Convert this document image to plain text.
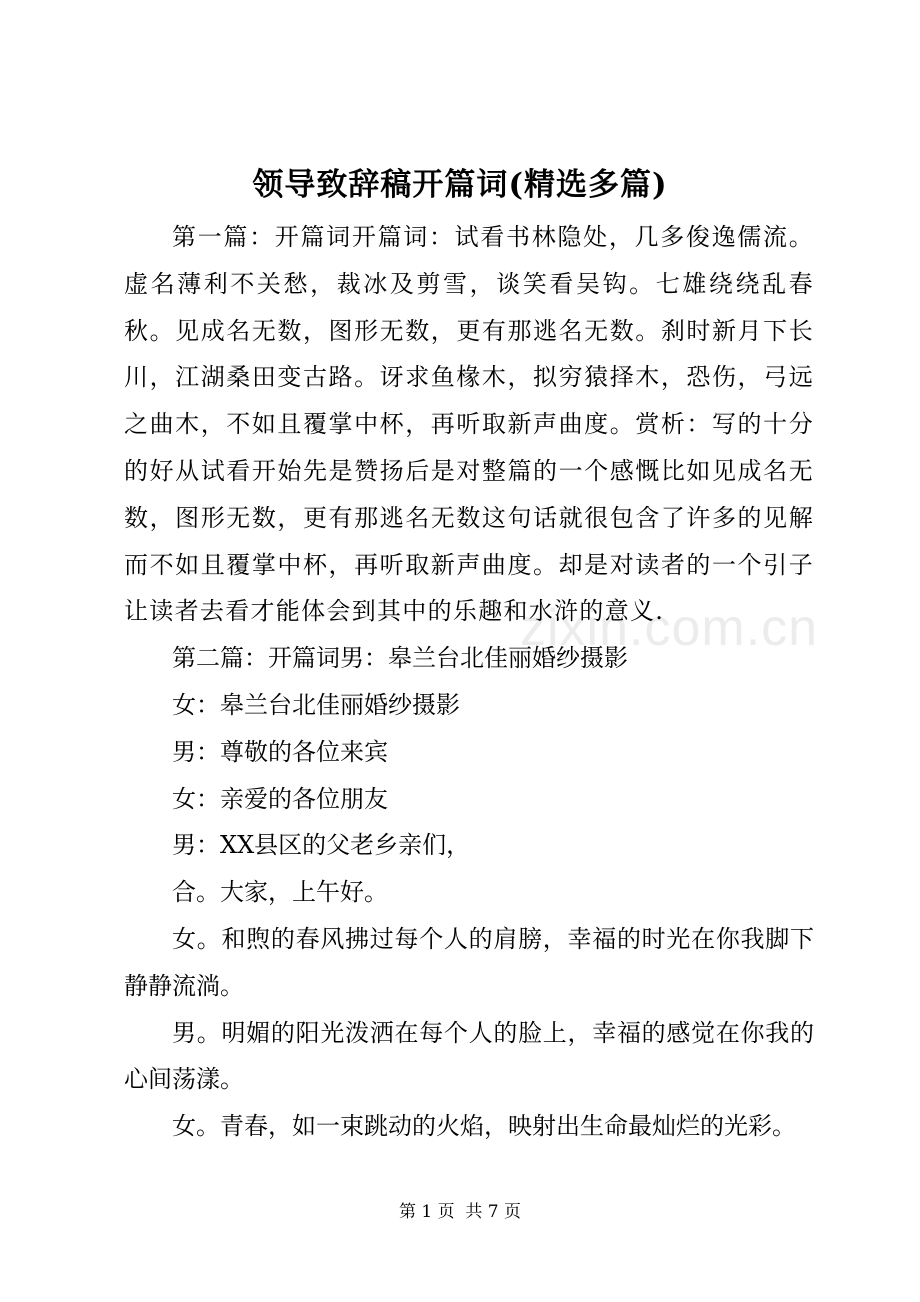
zixin.com.cn
领导致辞稿开篇词(精选多篇)

第一篇：开篇词开篇词：试看书林隐处，几多俊逸儒流。虚名薄利不关愁，裁冰及剪雪，谈笑看吴钩。七雄绕绕乱春秋。见成名无数，图形无数，更有那逃名无数。刹时新月下长川，江湖桑田变古路。讶求鱼椽木，拟穷猿择木，恐伤，弓远之曲木，不如且覆掌中杯，再听取新声曲度。赏析：写的十分的好从试看开始先是赞扬后是对整篇的一个感慨比如见成名无数，图形无数，更有那逃名无数这句话就很包含了许多的见解而不如且覆掌中杯，再听取新声曲度。却是对读者的一个引子让读者去看才能体会到其中的乐趣和水浒的意义.

第二篇：开篇词男：皋兰台北佳丽婚纱摄影

女：皋兰台北佳丽婚纱摄影

男：尊敬的各位来宾

女：亲爱的各位朋友

男：XX县区的父老乡亲们，

合。大家，上午好。

女。和煦的春风拂过每个人的肩膀，幸福的时光在你我脚下静静流淌。

男。明媚的阳光泼洒在每个人的脸上，幸福的感觉在你我的心间荡漾。

女。青春，如一束跳动的火焰，映射出生命最灿烂的光彩。

第 1 页  共 7 页
